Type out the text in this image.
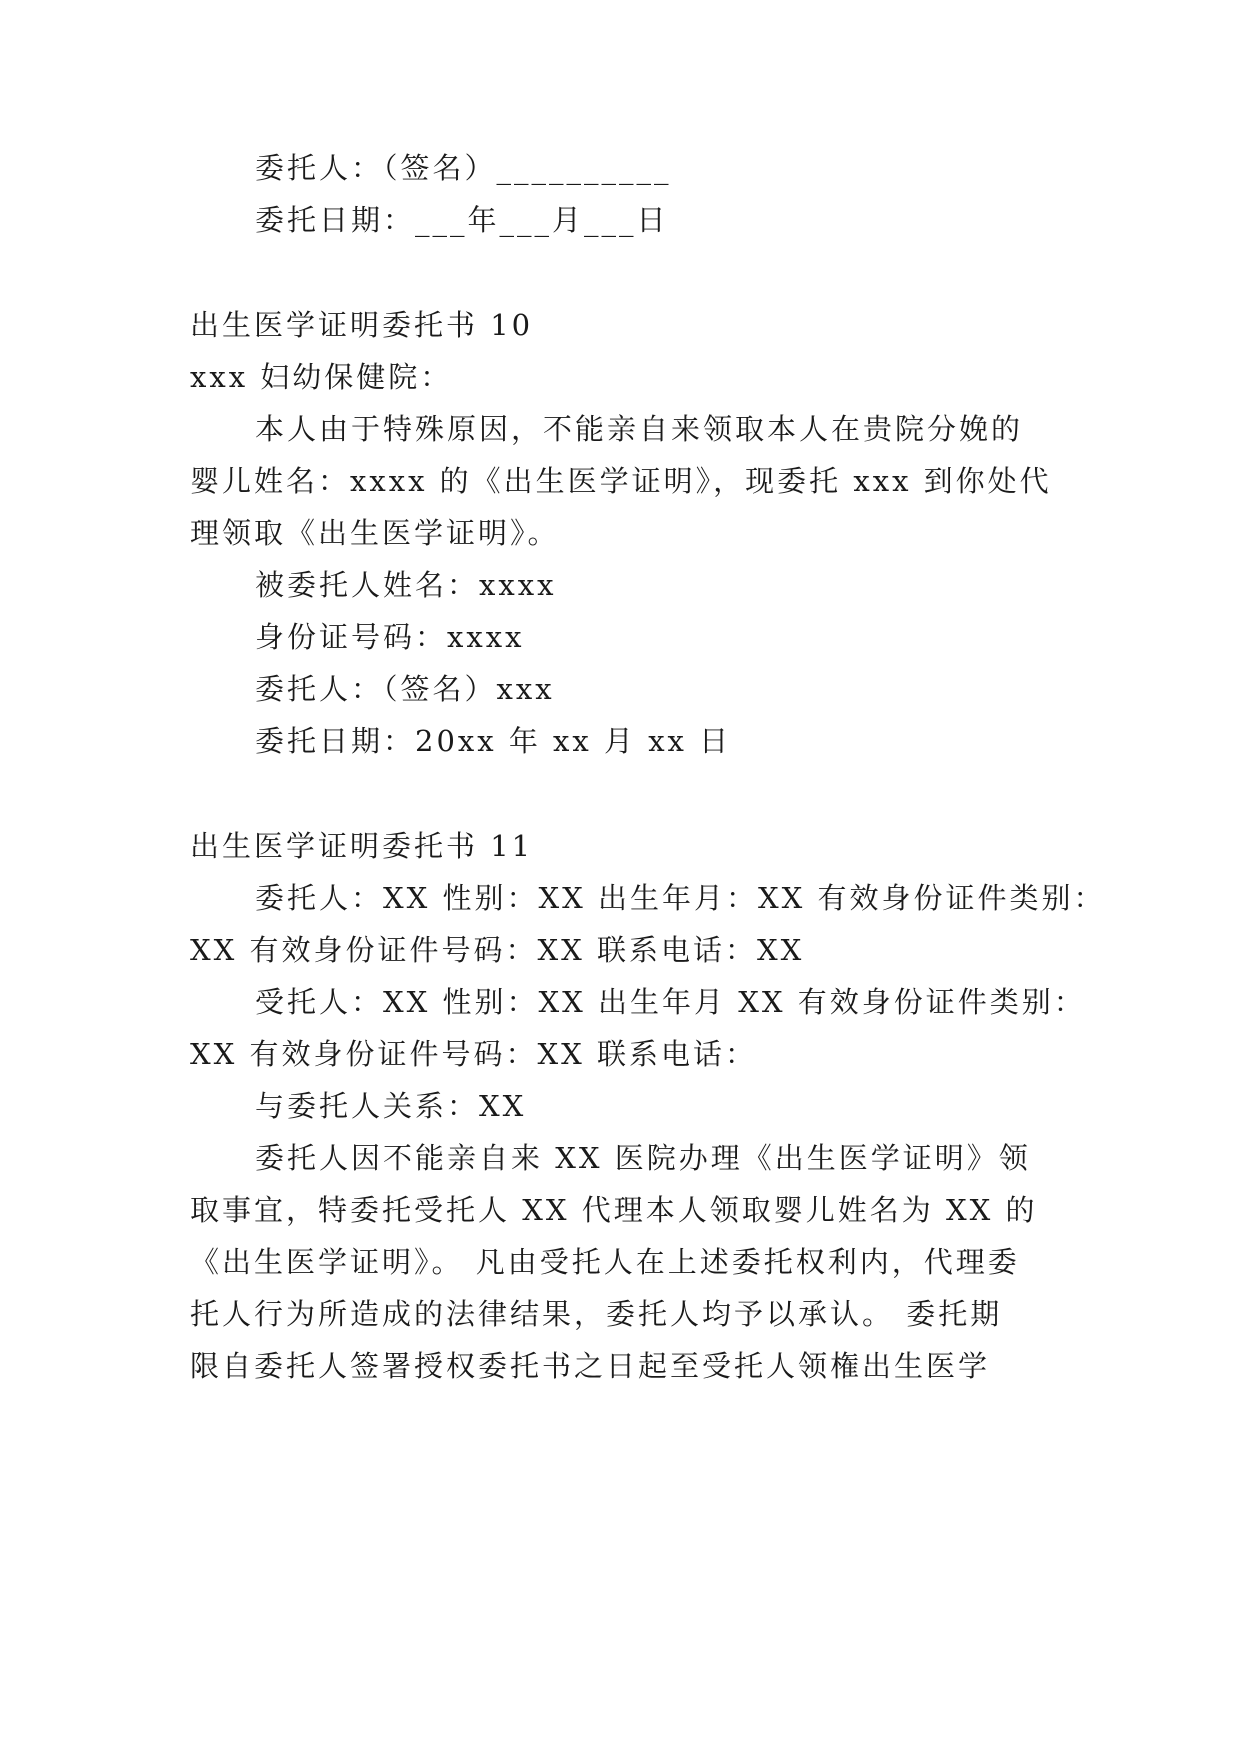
委托人：（签名）__________
委托日期：___年___月___日
出生医学证明委托书 10
xxx 妇幼保健院：
本人由于特殊原因，不能亲自来领取本人在贵院分娩的
婴儿姓名：xxxx 的《出生医学证明》，现委托 xxx 到你处代
理领取《出生医学证明》。
被委托人姓名：xxxx
身份证号码：xxxx
委托人：（签名）xxx
委托日期：20xx 年 xx 月 xx 日
出生医学证明委托书 11
委托人：XX 性别：XX 出生年月：XX 有效身份证件类别：
XX 有效身份证件号码：XX 联系电话：XX
受托人：XX 性别：XX 出生年月 XX 有效身份证件类别：
XX 有效身份证件号码：XX 联系电话：
与委托人关系：XX
委托人因不能亲自来 XX 医院办理《出生医学证明》领
取事宜，特委托受托人 XX 代理本人领取婴儿姓名为 XX 的
《出生医学证明》。 凡由受托人在上述委托权利内，代理委
托人行为所造成的法律结果，委托人均予以承认。 委托期
限自委托人签署授权委托书之日起至受托人领権出生医学
